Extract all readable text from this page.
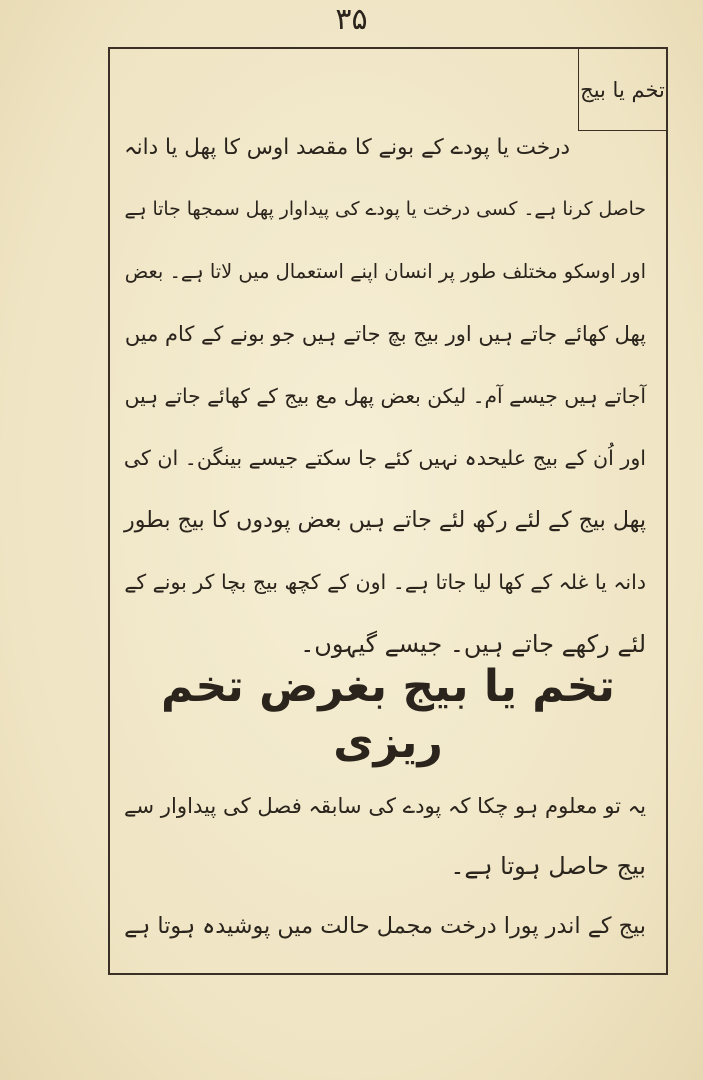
۳۵
تخم یا بیج
درخت یا پودے کے بونے کا مقصد اوس کا پھل یا دانہ
حاصل کرنا ہے۔ کسی درخت یا پودے کی پیداوار پھل سمجھا جاتا ہے
اور اوسکو مختلف طور پر انسان اپنے استعمال میں لاتا ہے۔ بعض
پھل کھائے جاتے ہیں اور بیج بچ جاتے ہیں جو بونے کے کام میں
آجاتے ہیں جیسے آم۔ لیکن بعض پھل مع بیج کے کھائے جاتے ہیں
اور اُن کے بیج علیحدہ نہیں کئے جا سکتے جیسے بینگن۔ ان کی
پھل بیج کے لئے رکھ لئے جاتے ہیں بعض پودوں کا بیج بطور
دانہ یا غلہ کے کھا لیا جاتا ہے۔ اون کے کچھ بیج بچا کر بونے کے
لئے رکھے جاتے ہیں۔ جیسے گیہوں۔
تخم یا بیج بغرض تخم ریزی
یہ تو معلوم ہو چکا کہ پودے کی سابقہ فصل کی پیداوار سے
بیج حاصل ہوتا ہے۔
بیج کے اندر پورا درخت مجمل حالت میں پوشیدہ ہوتا ہے
